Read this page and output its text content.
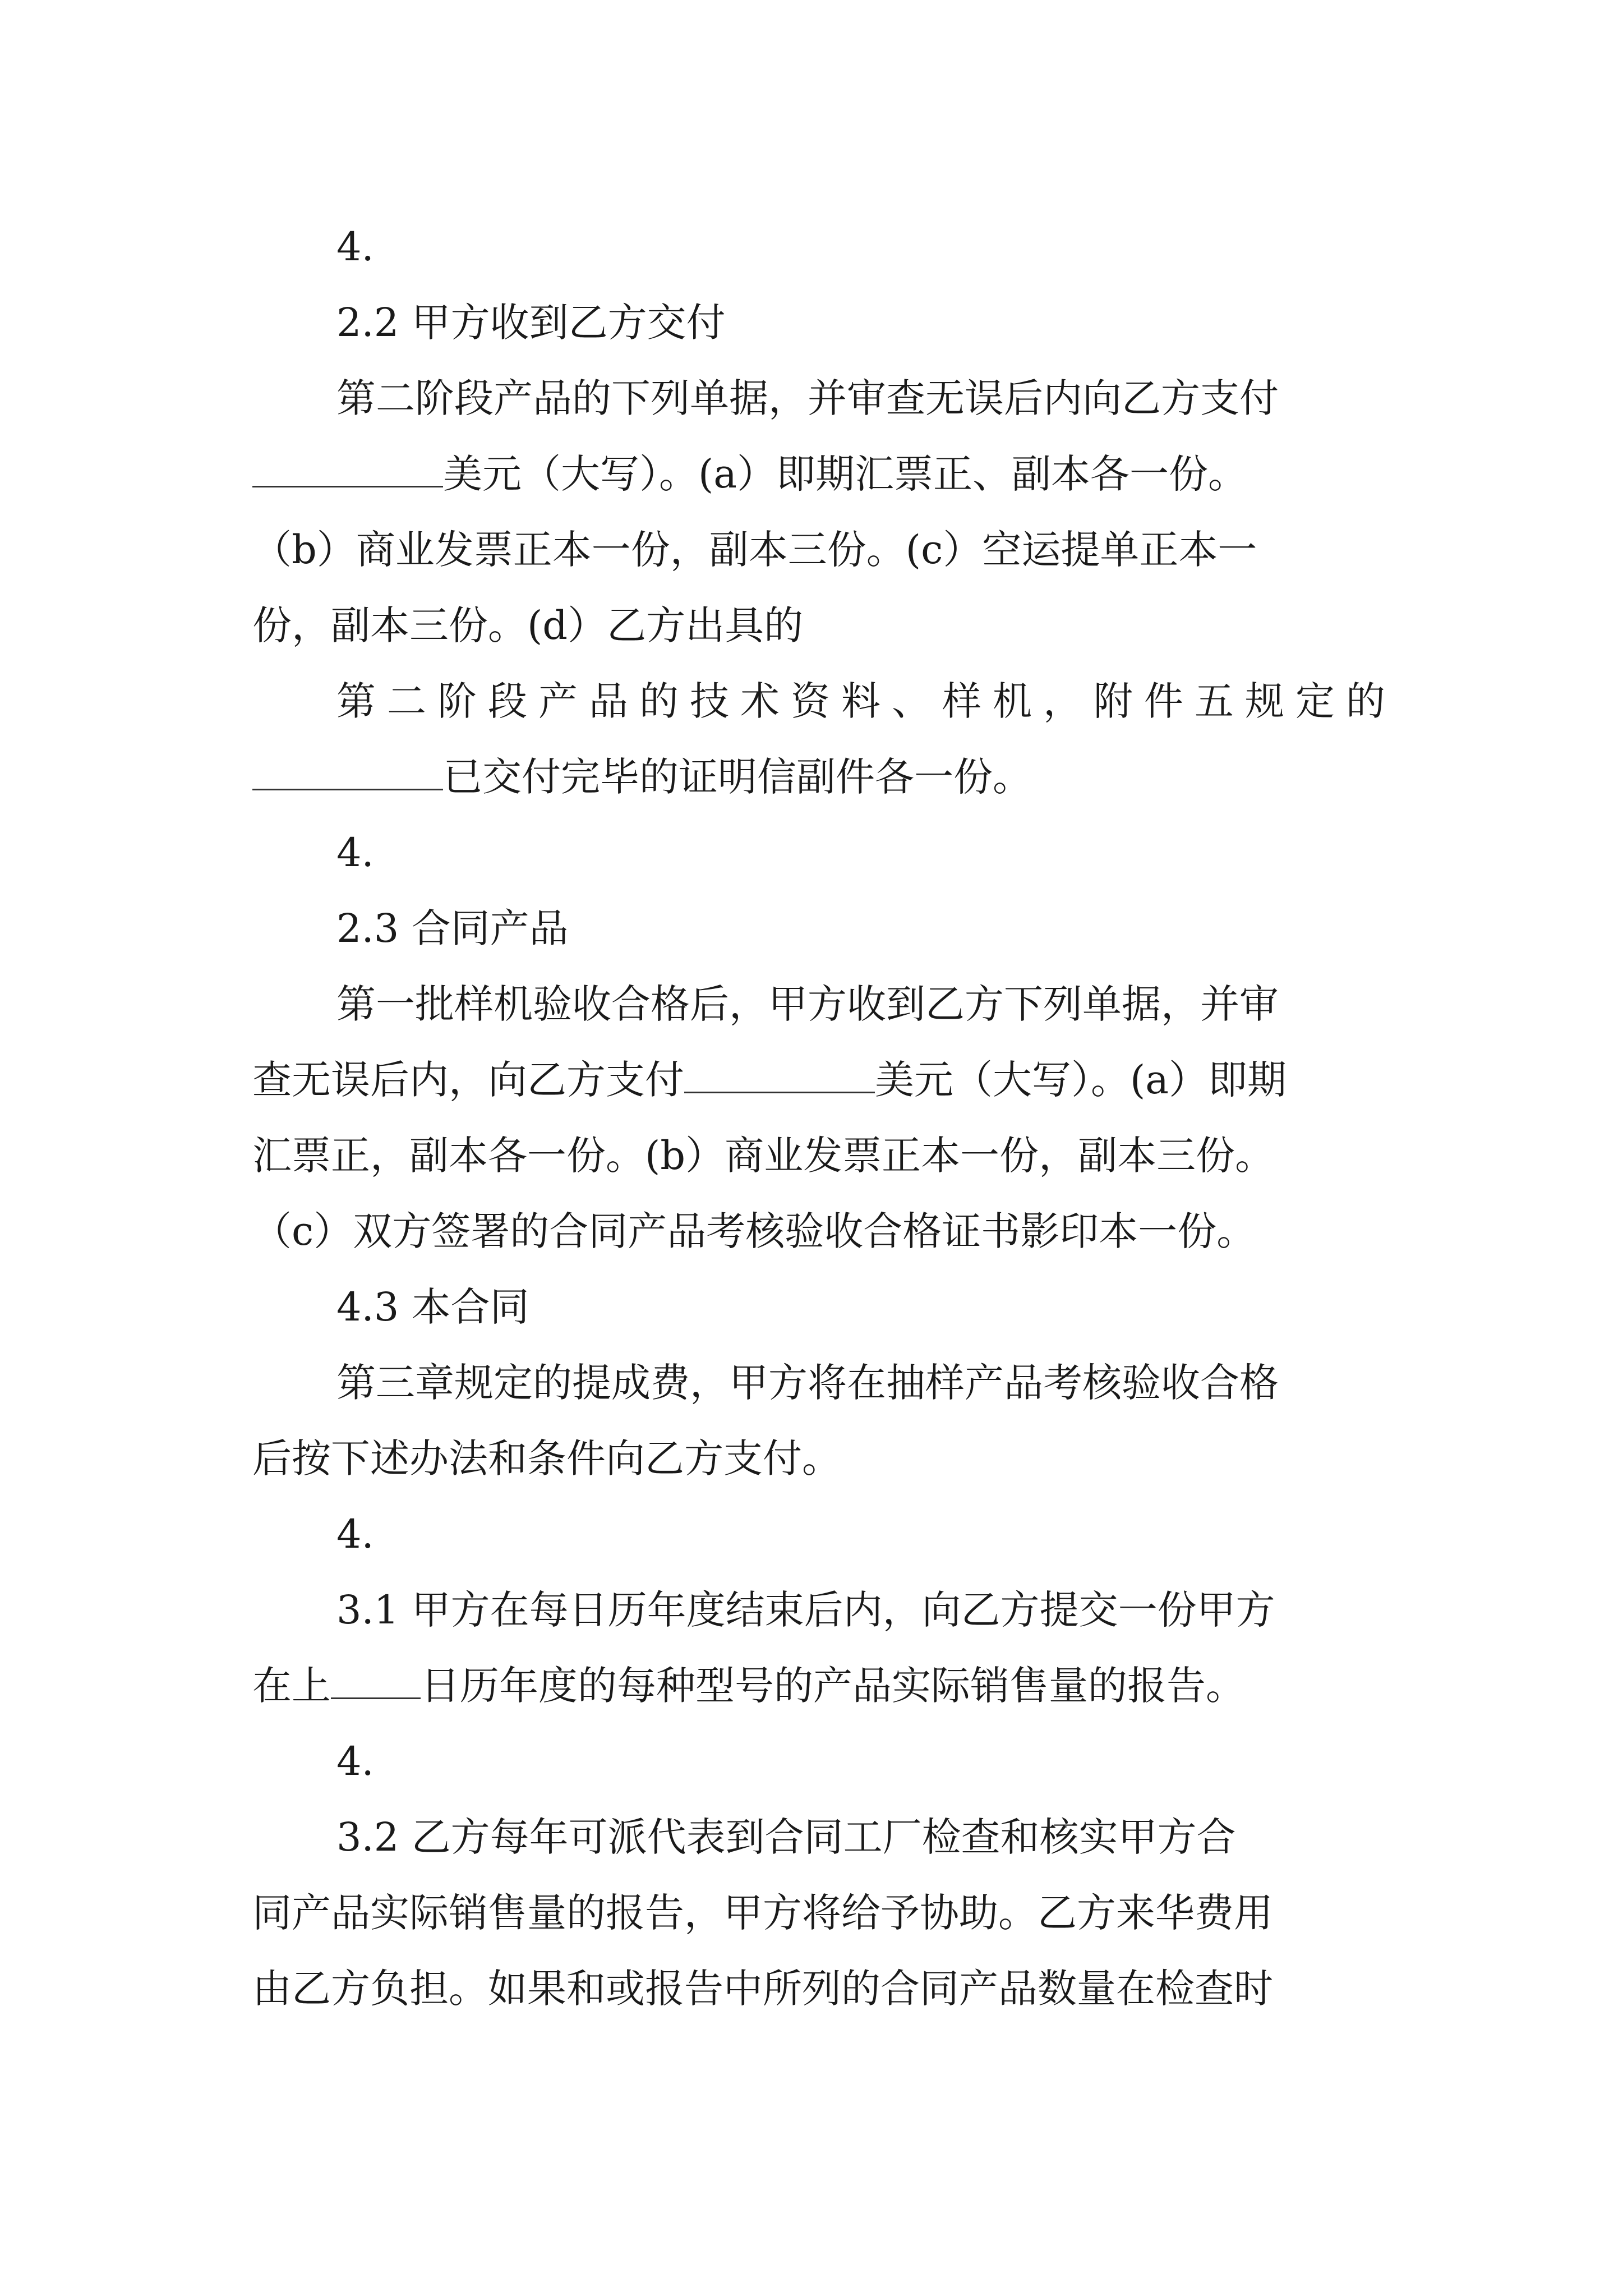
4.
2.2 甲方收到乙方交付
第二阶段产品的下列单据，并审查无误后内向乙方支付
美元（大写）。(a）即期汇票正、副本各一份。
（b）商业发票正本一份，副本三份。(c）空运提单正本一
份，副本三份。(d）乙方出具的
第二阶段产品的技术资料、样机，附件五规定的
已交付完毕的证明信副件各一份。
4.
2.3 合同产品
第一批样机验收合格后，甲方收到乙方下列单据，并审
查无误后内，向乙方支付	美元（大写）。(a）即期
汇票正，副本各一份。(b）商业发票正本一份，副本三份。
（c）双方签署的合同产品考核验收合格证书影印本一份。
4.3 本合同
第三章规定的提成费，甲方将在抽样产品考核验收合格
后按下述办法和条件向乙方支付。
4.
3.1 甲方在每日历年度结束后内，向乙方提交一份甲方
在上 日历年度的每种型号的产品实际销售量的报告。
4.
3.2 乙方每年可派代表到合同工厂检查和核实甲方合
同产品实际销售量的报告，甲方将给予协助。乙方来华费用
由乙方负担。如果和或报告中所列的合同产品数量在检查时
